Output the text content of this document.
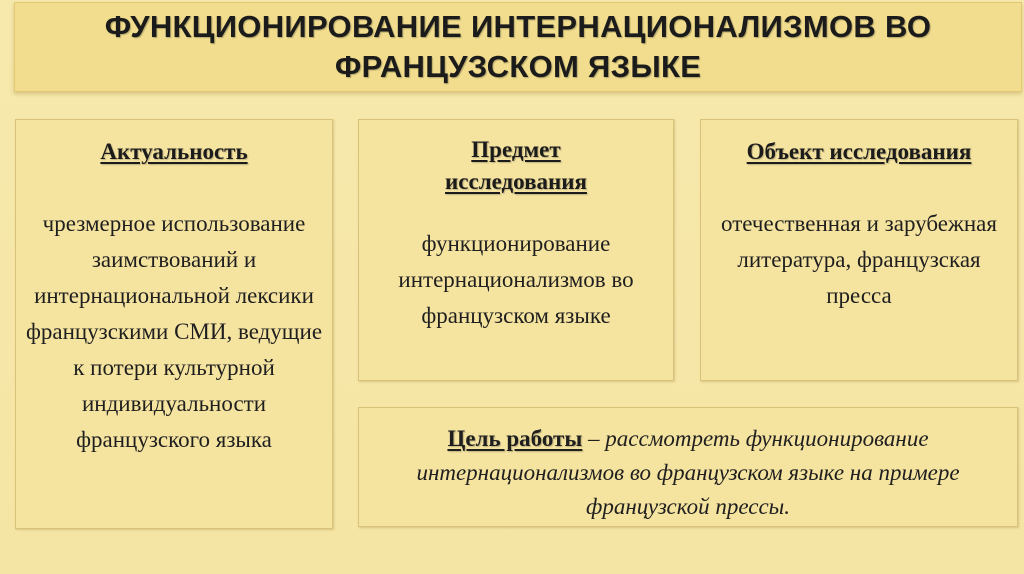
ФУНКЦИОНИРОВАНИЕ ИНТЕРНАЦИОНАЛИЗМОВ ВО ФРАНЦУЗСКОМ ЯЗЫКЕ
Актуальность
чрезмерное использование заимствований и интернациональной лексики французскими СМИ, ведущие к потери культурной индивидуальности французского языка
Предмет исследования
функционирование интернационализмов во французском языке
Объект исследования
отечественная и зарубежная литература, французская пресса
Цель работы – рассмотреть функционирование интернационализмов во французском языке на примере французской прессы.
